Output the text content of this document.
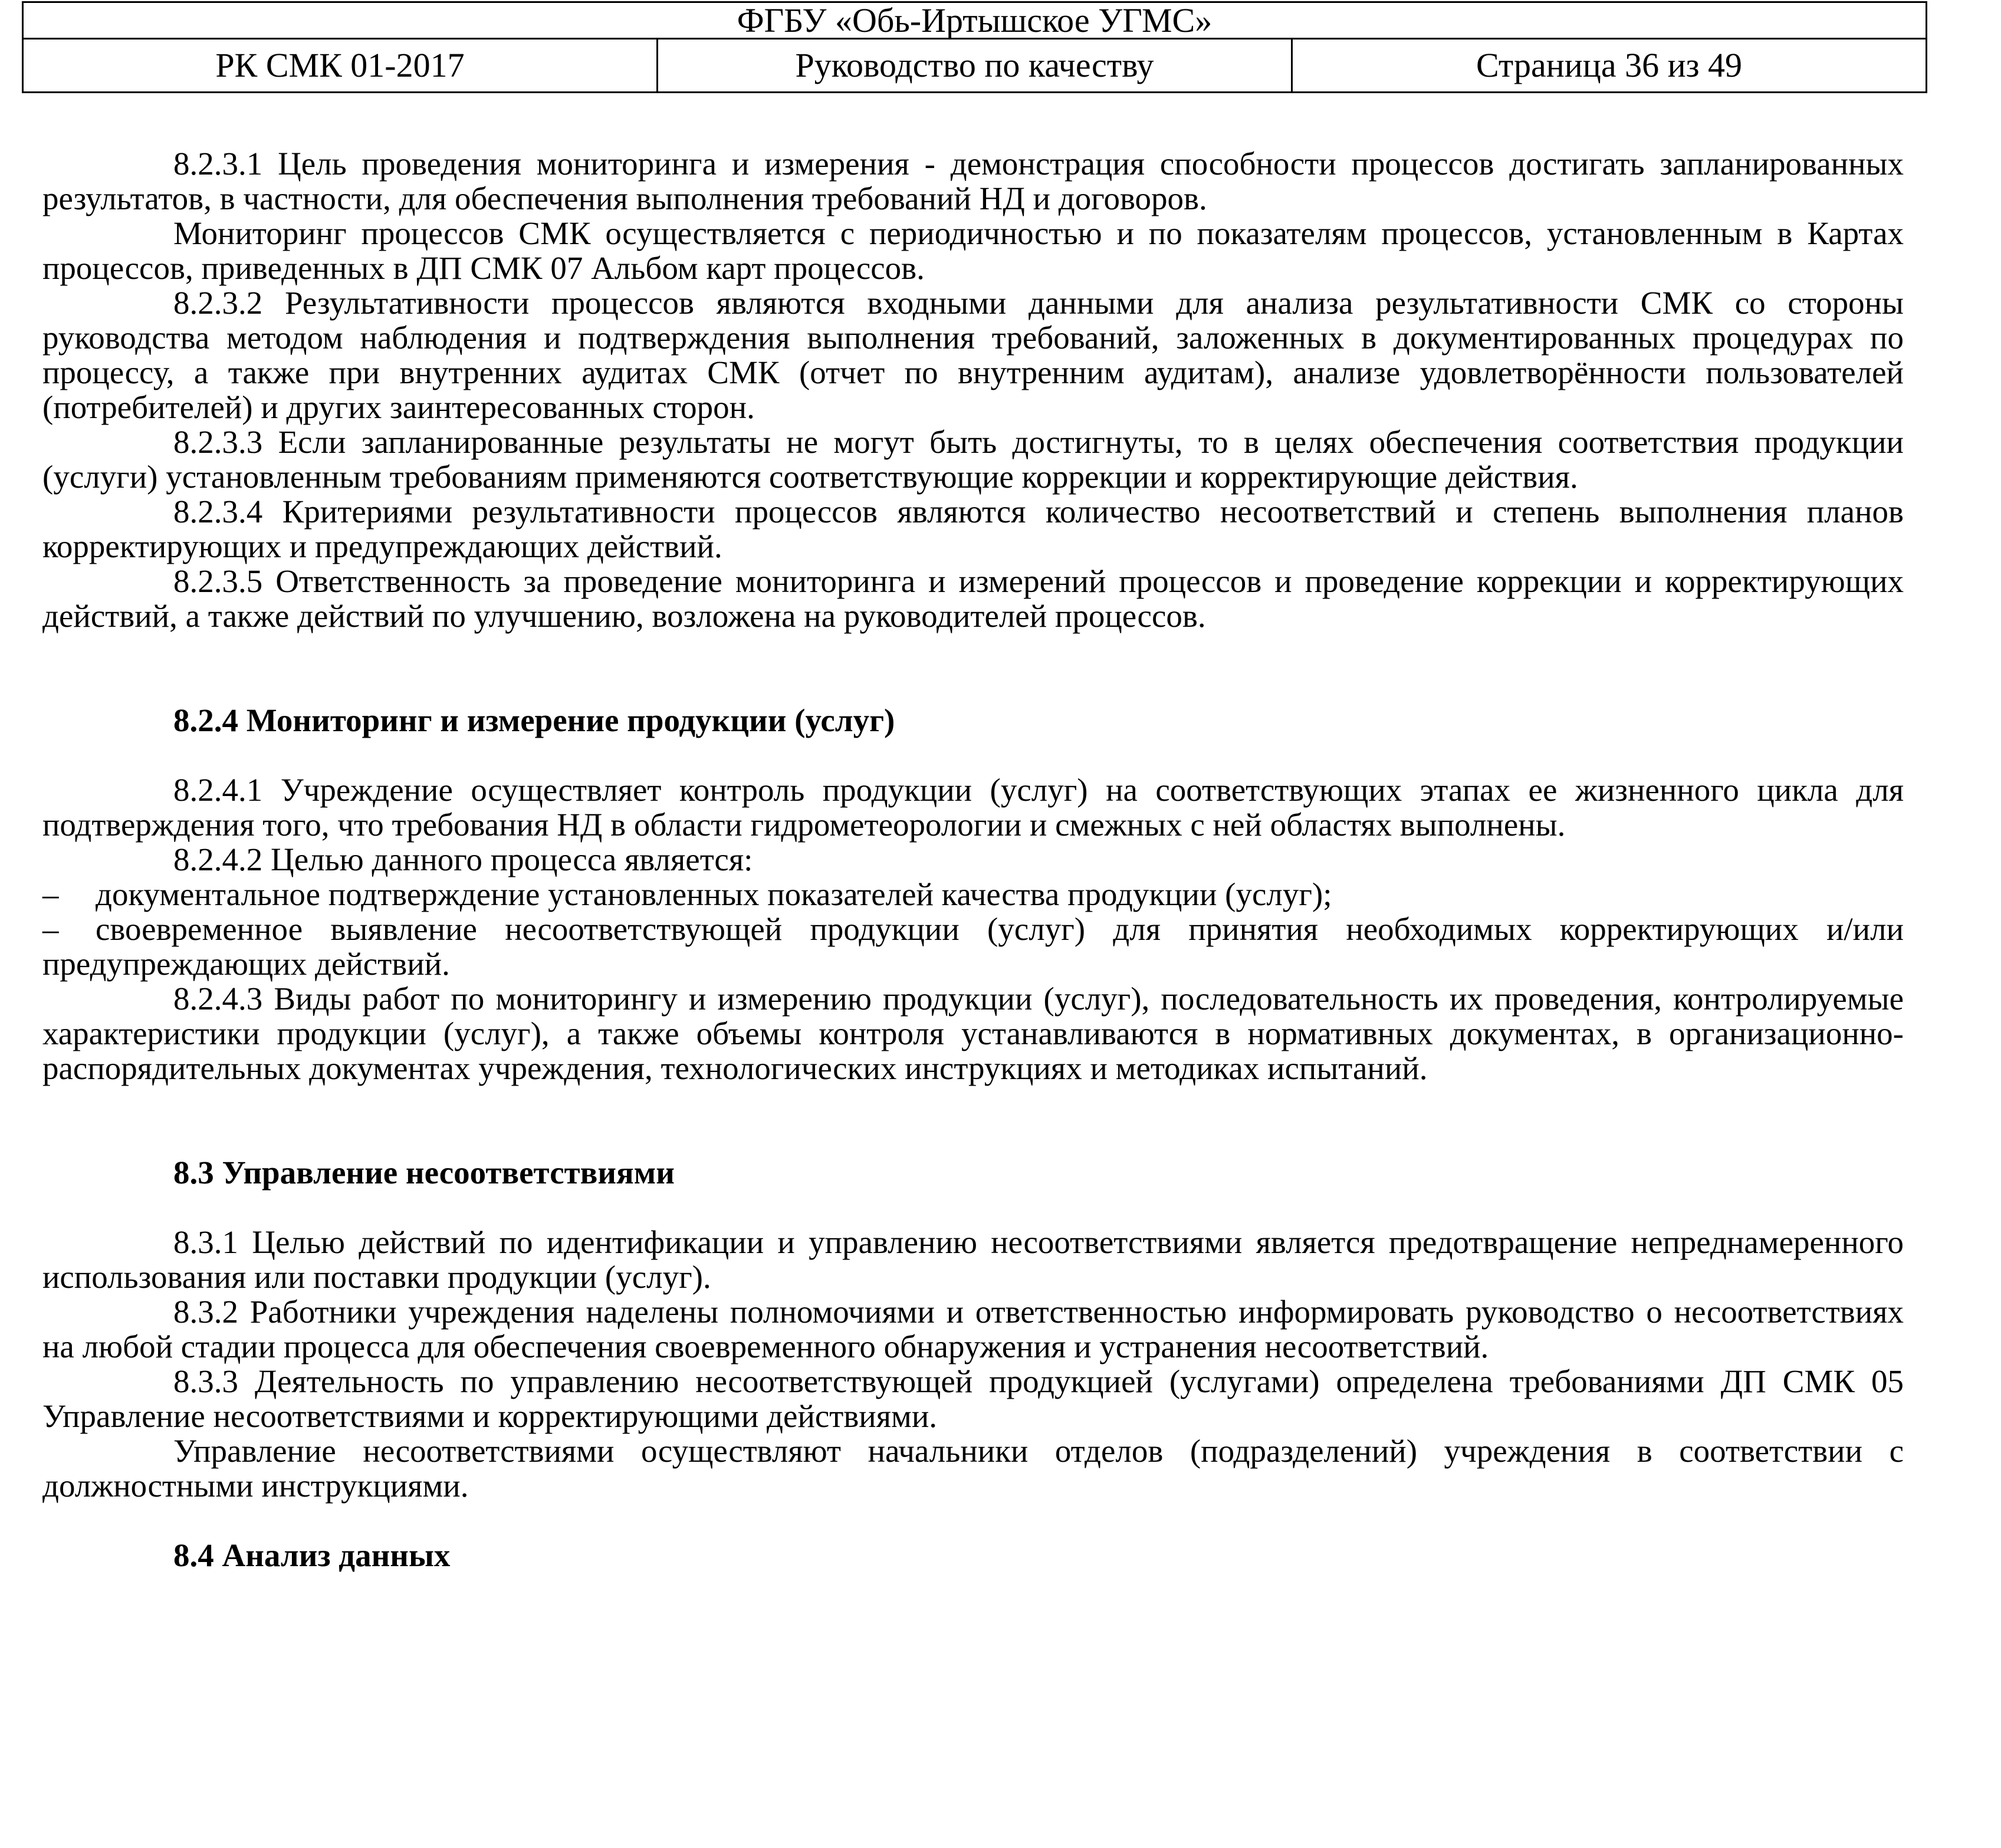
ФГБУ «Обь-Иртышское УГМС»
РК СМК 01-2017	Руководство по качеству	Страница 36 из 49

8.2.3.1 Цель проведения мониторинга и измерения - демонстрация способности процессов достигать запланированных результатов, в частности, для обеспечения выполнения требований НД и договоров.

Мониторинг процессов СМК осуществляется с периодичностью и по показателям процессов, установленным в Картах процессов, приведенных в ДП СМК 07 Альбом карт процессов.

8.2.3.2 Результативности процессов являются входными данными для анализа результативности СМК со стороны руководства методом наблюдения и подтверждения выполнения требований, заложенных в документированных процедурах по процессу, а также при внутренних аудитах СМК (отчет по внутренним аудитам), анализе удовлетворённости пользователей (потребителей) и других заинтересованных сторон.

8.2.3.3 Если запланированные результаты не могут быть достигнуты, то в целях обеспечения соответствия продукции (услуги) установленным требованиям применяются соответствующие коррекции и корректирующие действия.

8.2.3.4 Критериями результативности процессов являются количество несоответствий и степень выполнения планов корректирующих и предупреждающих действий.

8.2.3.5 Ответственность за проведение мониторинга и измерений процессов и проведение коррекции и корректирующих действий, а также действий по улучшению, возложена на руководителей процессов.

8.2.4 Мониторинг и измерение продукции (услуг)

8.2.4.1 Учреждение осуществляет контроль продукции (услуг) на соответствующих этапах ее жизненного цикла для подтверждения того, что требования НД в области гидрометеорологии и смежных с ней областях выполнены.

8.2.4.2 Целью данного процесса является:

– документальное подтверждение установленных показателей качества продукции (услуг);

– своевременное выявление несоответствующей продукции (услуг) для принятия необходимых корректирующих и/или предупреждающих действий.

8.2.4.3 Виды работ по мониторингу и измерению продукции (услуг), последовательность их проведения, контролируемые характеристики продукции (услуг), а также объемы контроля устанавливаются в нормативных документах, в организационно-распорядительных документах учреждения, технологических инструкциях и методиках испытаний.

8.3 Управление несоответствиями

8.3.1 Целью действий по идентификации и управлению несоответствиями является предотвращение непреднамеренного использования или поставки продукции (услуг).

8.3.2 Работники учреждения наделены полномочиями и ответственностью информировать руководство о несоответствиях на любой стадии процесса для обеспечения своевременного обнаружения и устранения несоответствий.

8.3.3 Деятельность по управлению несоответствующей продукцией (услугами) определена требованиями ДП СМК 05 Управление несоответствиями и корректирующими действиями.

Управление несоответствиями осуществляют начальники отделов (подразделений) учреждения в соответствии с должностными инструкциями.

8.4 Анализ данных
